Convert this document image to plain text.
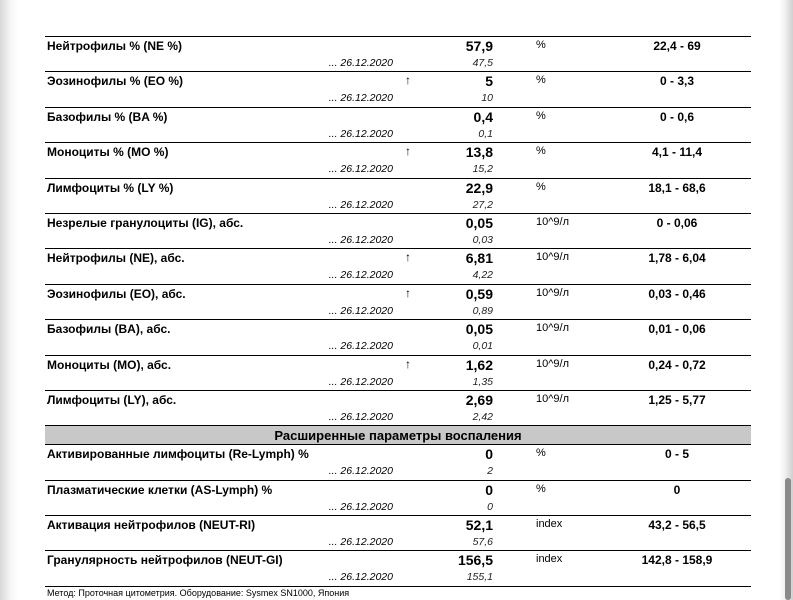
Нейтрофилы % (NE %)	57,9	%	22,4 - 69
... 26.12.2020	47,5
Эозинофилы % (EO %)	↑	5	%	0 - 3,3
... 26.12.2020	10
Базофилы % (BA %)	0,4	%	0 - 0,6
... 26.12.2020	0,1
Моноциты % (MO %)	↑	13,8	%	4,1 - 11,4
... 26.12.2020	15,2
Лимфоциты % (LY %)	22,9	%	18,1 - 68,6
... 26.12.2020	27,2
Незрелые гранулоциты (IG), абс.	0,05	10^9/л	0 - 0,06
... 26.12.2020	0,03
Нейтрофилы (NE), абс.	↑	6,81	10^9/л	1,78 - 6,04
... 26.12.2020	4,22
Эозинофилы (EO), абс.	↑	0,59	10^9/л	0,03 - 0,46
... 26.12.2020	0,89
Базофилы (BA), абс.	0,05	10^9/л	0,01 - 0,06
... 26.12.2020	0,01
Моноциты (MO), абс.	↑	1,62	10^9/л	0,24 - 0,72
... 26.12.2020	1,35
Лимфоциты (LY), абс.	2,69	10^9/л	1,25 - 5,77
... 26.12.2020	2,42
Расширенные параметры воспаления
Активированные лимфоциты (Re-Lymph) %	0	%	0 - 5
... 26.12.2020	2
Плазматические клетки (AS-Lymph) %	0	%	0
... 26.12.2020	0
Активация нейтрофилов (NEUT-RI)	52,1	index	43,2 - 56,5
... 26.12.2020	57,6
Гранулярность нейтрофилов (NEUT-GI)	156,5	index	142,8 - 158,9
... 26.12.2020	155,1
Метод: Проточная цитометрия. Оборудование: Sysmex SN1000, Япония
